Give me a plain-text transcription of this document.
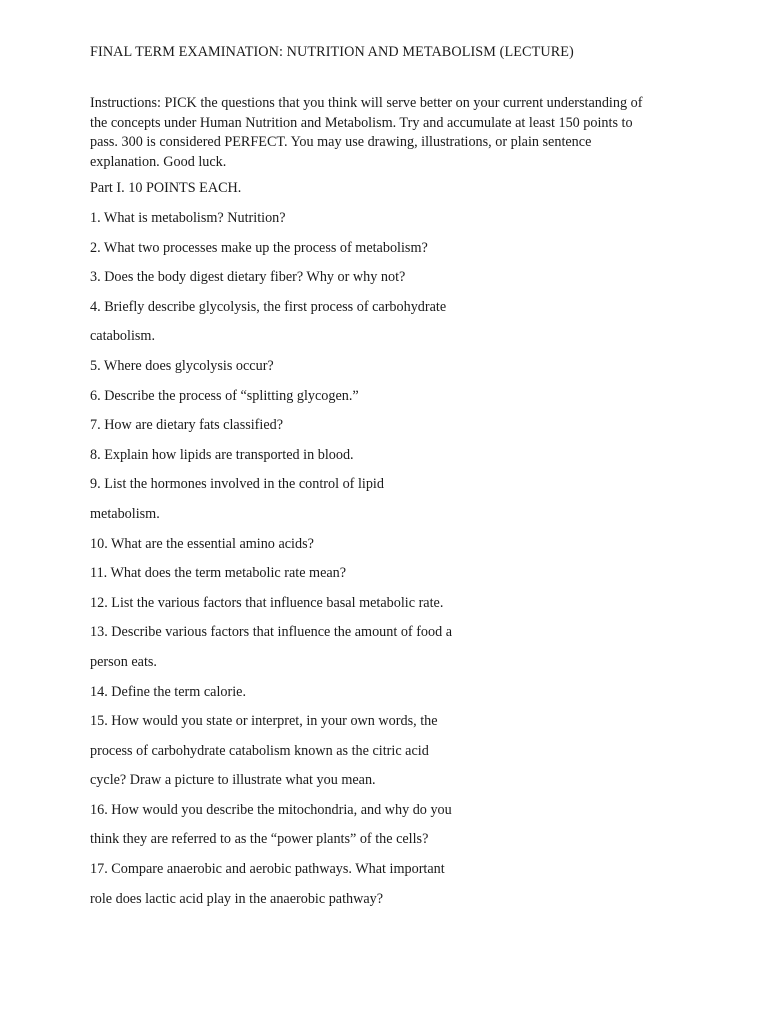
FINAL TERM EXAMINATION: NUTRITION AND METABOLISM (LECTURE)
Instructions: PICK the questions that you think will serve better on your current understanding of
the concepts under Human Nutrition and Metabolism. Try and accumulate at least 150 points to
pass. 300 is considered PERFECT. You may use drawing, illustrations, or plain sentence
explanation. Good luck.
Part I. 10 POINTS EACH.
1. What is metabolism? Nutrition?
2. What two processes make up the process of metabolism?
3. Does the body digest dietary fiber? Why or why not?
4. Briefly describe glycolysis, the first process of carbohydrate
catabolism.
5. Where does glycolysis occur?
6. Describe the process of “splitting glycogen.”
7. How are dietary fats classified?
8. Explain how lipids are transported in blood.
9. List the hormones involved in the control of lipid
metabolism.
10. What are the essential amino acids?
11. What does the term metabolic rate mean?
12. List the various factors that influence basal metabolic rate.
13. Describe various factors that influence the amount of food a
person eats.
14. Define the term calorie.
15. How would you state or interpret, in your own words, the
process of carbohydrate catabolism known as the citric acid
cycle? Draw a picture to illustrate what you mean.
16. How would you describe the mitochondria, and why do you
think they are referred to as the “power plants” of the cells?
17. Compare anaerobic and aerobic pathways. What important
role does lactic acid play in the anaerobic pathway?
